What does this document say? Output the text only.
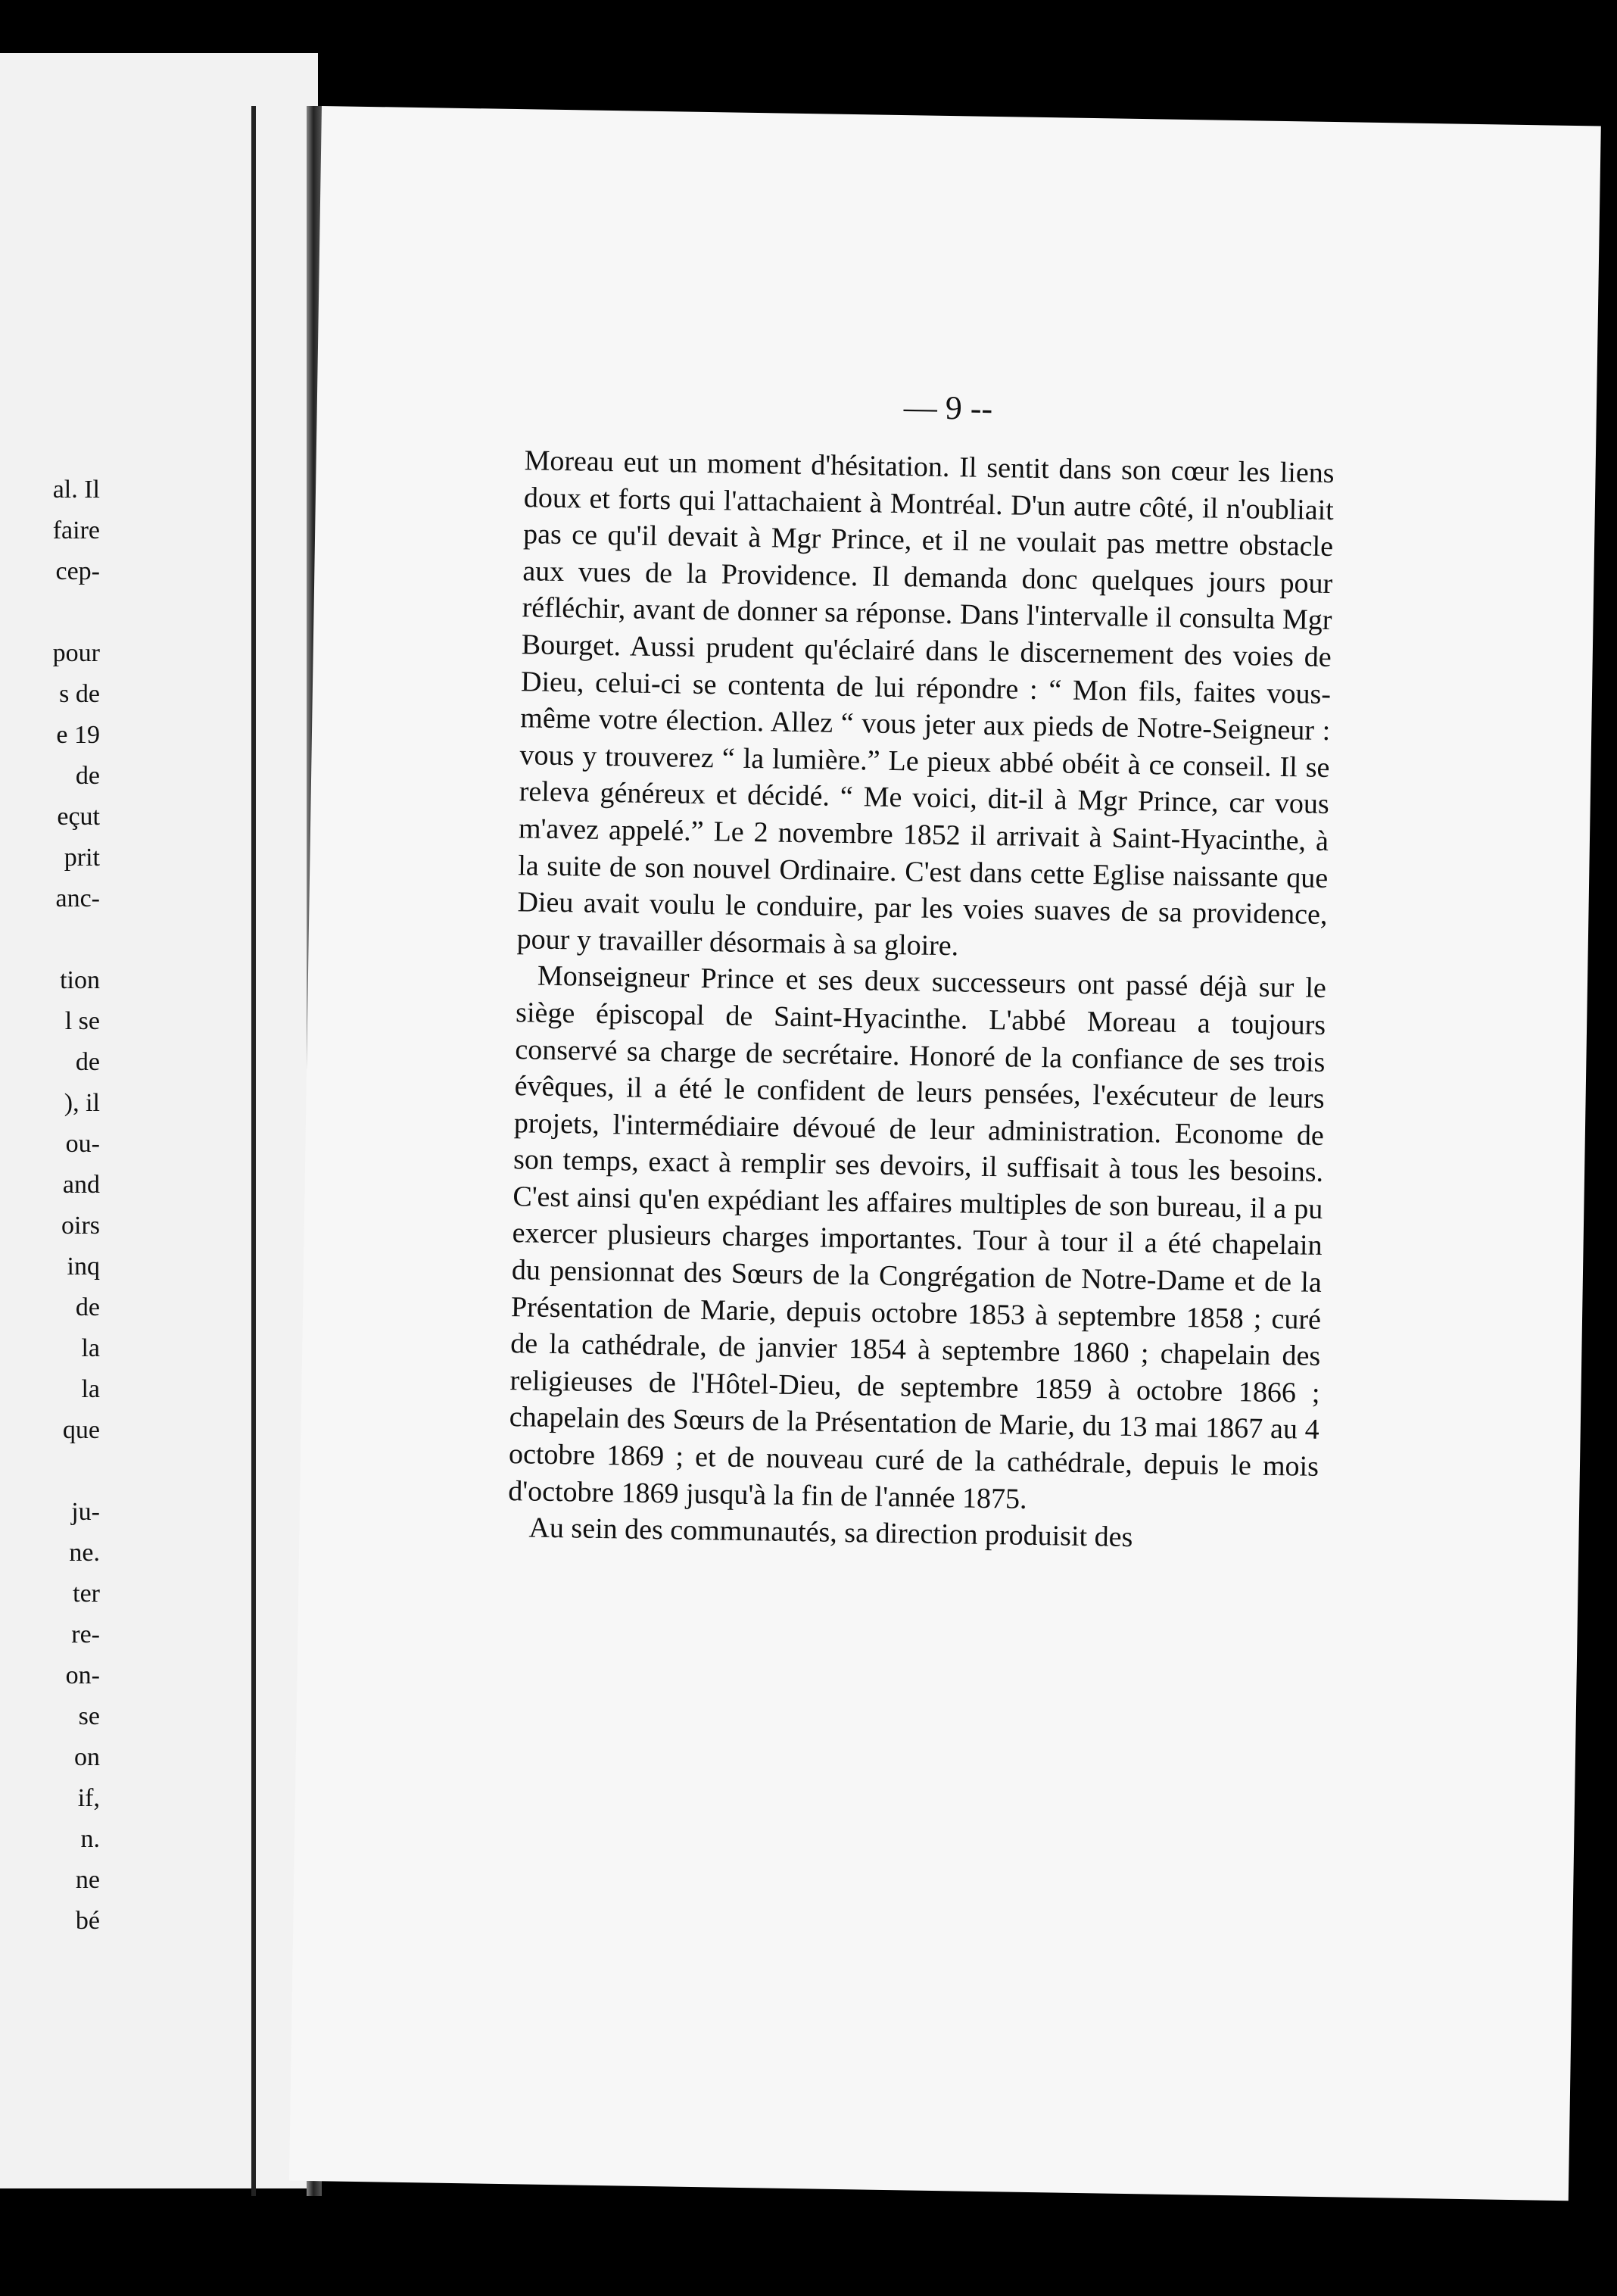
al. Il
faire
cep-
pour
s de
e 19
de
eçut
prit
anc-
tion
l se
de
), il
ou-
and
oirs
inq
de
la
la
que
ju-
ne.
ter
re-
on-
se
on
if,
n.
ne
bé
— 9 --

Moreau eut un moment d'hésitation. Il sentit dans son cœur les liens doux et forts qui l'attachaient à Montréal. D'un autre côté, il n'oubliait pas ce qu'il devait à Mgr Prince, et il ne voulait pas mettre obstacle aux vues de la Providence. Il demanda donc quelques jours pour réfléchir, avant de donner sa réponse. Dans l'intervalle il consulta Mgr Bourget. Aussi prudent qu'éclairé dans le discernement des voies de Dieu, celui-ci se contenta de lui répondre : “ Mon fils, faites vous-même votre élection. Allez “ vous jeter aux pieds de Notre-Seigneur : vous y trouverez “ la lumière.” Le pieux abbé obéit à ce conseil. Il se releva généreux et décidé. “ Me voici, dit-il à Mgr Prince, car vous m'avez appelé.” Le 2 novembre 1852 il arrivait à Saint-Hyacinthe, à la suite de son nouvel Ordinaire. C'est dans cette Eglise naissante que Dieu avait voulu le conduire, par les voies suaves de sa providence, pour y travailler désormais à sa gloire.

Monseigneur Prince et ses deux successeurs ont passé déjà sur le siège épiscopal de Saint-Hyacinthe. L'abbé Moreau a toujours conservé sa charge de secrétaire. Honoré de la confiance de ses trois évêques, il a été le confident de leurs pensées, l'exécuteur de leurs projets, l'intermédiaire dévoué de leur administration. Econome de son temps, exact à remplir ses devoirs, il suffisait à tous les besoins. C'est ainsi qu'en expédiant les affaires multiples de son bureau, il a pu exercer plusieurs charges importantes. Tour à tour il a été chapelain du pensionnat des Sœurs de la Congrégation de Notre-Dame et de la Présentation de Marie, depuis octobre 1853 à septembre 1858 ; curé de la cathédrale, de janvier 1854 à septembre 1860 ; chapelain des religieuses de l'Hôtel-Dieu, de septembre 1859 à octobre 1866 ; chapelain des Sœurs de la Présentation de Marie, du 13 mai 1867 au 4 octobre 1869 ; et de nouveau curé de la cathédrale, depuis le mois d'octobre 1869 jusqu'à la fin de l'année 1875.

Au sein des communautés, sa direction produisit des
